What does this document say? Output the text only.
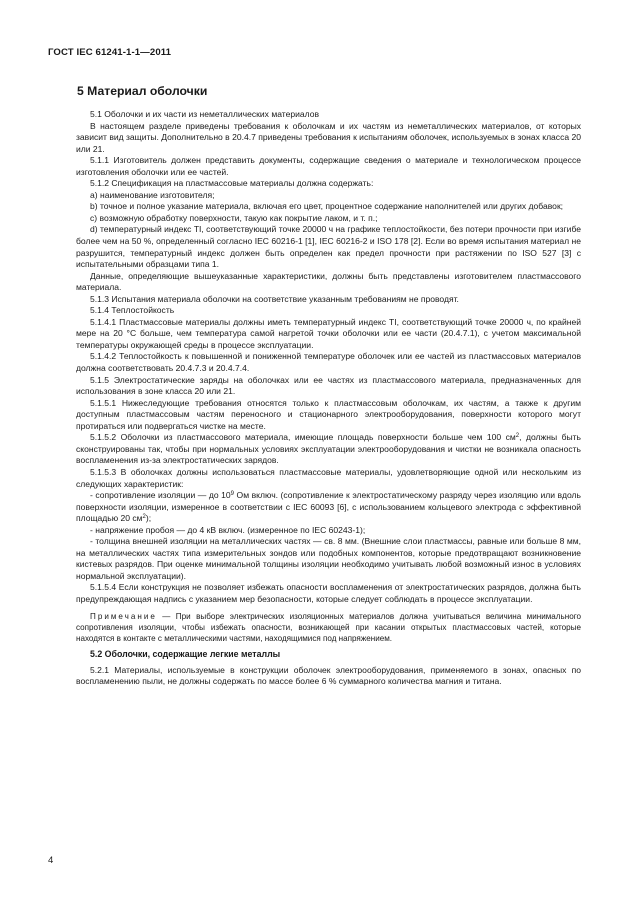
ГОСТ IEC 61241-1-1—2011
5 Материал оболочки

5.1 Оболочки и их части из неметаллических материалов

В настоящем разделе приведены требования к оболочкам и их частям из неметаллических материалов, от которых зависит вид защиты. Дополнительно в 20.4.7 приведены требования к испытаниям оболочек, используемых в зонах класса 20 или 21.

5.1.1 Изготовитель должен представить документы, содержащие сведения о материале и технологическом процессе изготовления оболочки или ее частей.

5.1.2 Спецификация на пластмассовые материалы должна содержать:

а) наименование изготовителя;

b) точное и полное указание материала, включая его цвет, процентное содержание наполнителей или других добавок;

с) возможную обработку поверхности, такую как покрытие лаком, и т. п.;

d) температурный индекс TI, соответствующий точке 20000 ч на графике теплостойкости, без потери прочности при изгибе более чем на 50 %, определенный согласно IEC 60216-1 [1], IEC 60216-2 и ISO 178 [2]. Если во время испытания материал не разрушится, температурный индекс должен быть определен как предел прочности при растяжении по ISO 527 [3] с испытательными образцами типа 1.

Данные, определяющие вышеуказанные характеристики, должны быть представлены изготовителем пластмассового материала.

5.1.3 Испытания материала оболочки на соответствие указанным требованиям не проводят.

5.1.4 Теплостойкость

5.1.4.1 Пластмассовые материалы должны иметь температурный индекс TI, соответствующий точке 20000 ч, по крайней мере на 20 °С больше, чем температура самой нагретой точки оболочки или ее части (20.4.7.1), с учетом максимальной температуры окружающей среды в процессе эксплуатации.

5.1.4.2 Теплостойкость к повышенной и пониженной температуре оболочек или ее частей из пластмассовых материалов должна соответствовать 20.4.7.3 и 20.4.7.4.

5.1.5 Электростатические заряды на оболочках или ее частях из пластмассового материала, предназначенных для использования в зоне класса 20 или 21.

5.1.5.1 Нижеследующие требования относятся только к пластмассовым оболочкам, их частям, а также к другим доступным пластмассовым частям переносного и стационарного электрооборудования, поверхности которого могут протираться или подвергаться чистке на месте.

5.1.5.2 Оболочки из пластмассового материала, имеющие площадь поверхности больше чем 100 $см^2$, должны быть сконструированы так, чтобы при нормальных условиях эксплуатации электрооборудования и чистки не возникала опасность воспламенения из-за электростатических зарядов.

5.1.5.3 В оболочках должны использоваться пластмассовые материалы, удовлетворяющие одной или нескольким из следующих характеристик:

- сопротивление изоляции — до $10^9$ Ом включ. (сопротивление к электростатическому разряду через изоляцию или вдоль поверхности изоляции, измеренное в соответствии с IEC 60093 [6], с использованием кольцевого электрода с эффективной площадью 20 $см^2$);

- напряжение пробоя — до 4 кВ включ. (измеренное по IEC 60243-1);

- толщина внешней изоляции на металлических частях — св. 8 мм. (Внешние слои пластмассы, равные или больше 8 мм, на металлических частях типа измерительных зондов или подобных компонентов, которые предотвращают возникновение кистевых разрядов. При оценке минимальной толщины изоляции необходимо учитывать любой возможный износ в условиях нормальной эксплуатации).

5.1.5.4 Если конструкция не позволяет избежать опасности воспламенения от электростатических разрядов, должна быть предупреждающая надпись с указанием мер безопасности, которые следует соблюдать в процессе эксплуатации.

Примечание — При выборе электрических изоляционных материалов должна учитываться величина минимального сопротивления изоляции, чтобы избежать опасности, возникающей при касании открытых пластмассовых частей, которые находятся в контакте с металлическими частями, находящимися под напряжением.

5.2 Оболочки, содержащие легкие металлы

5.2.1 Материалы, используемые в конструкции оболочек электрооборудования, применяемого в зонах, опасных по воспламенению пыли, не должны содержать по массе более 6 % суммарного количества магния и титана.

4
